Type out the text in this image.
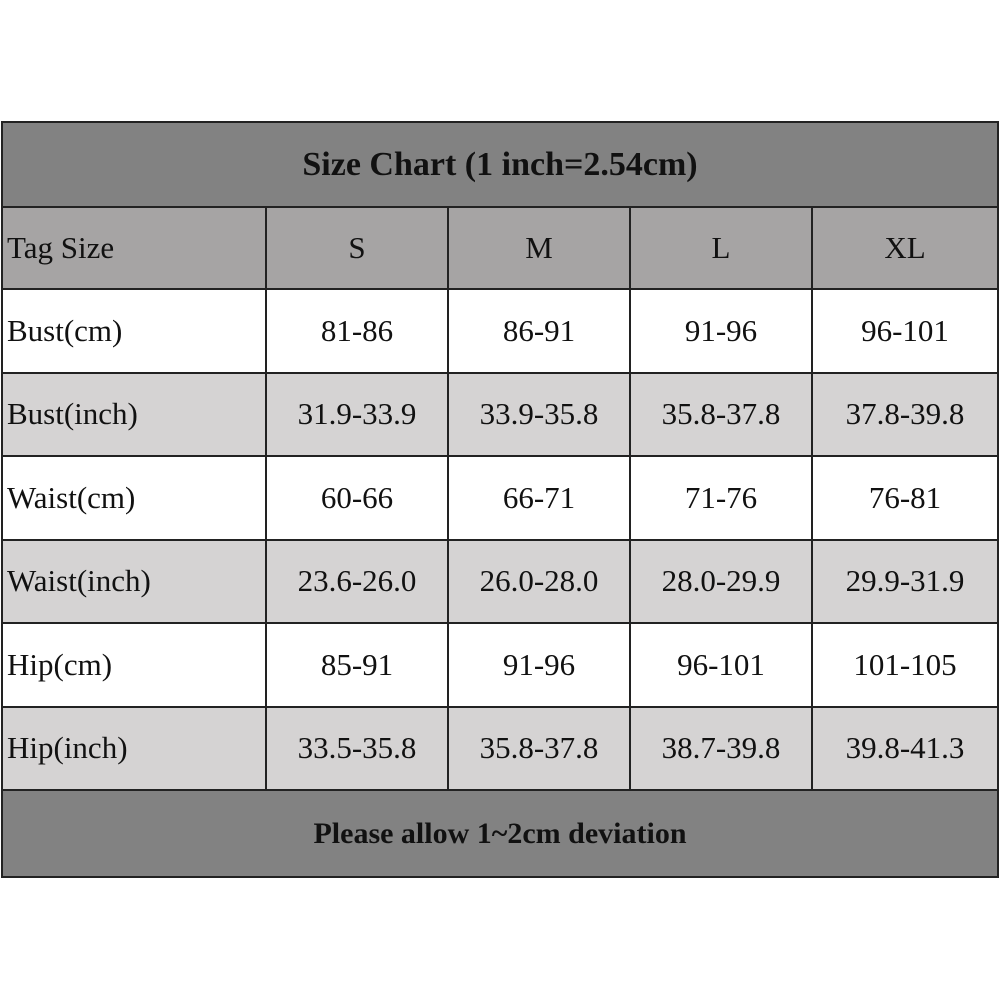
Size Chart (1 inch=2.54cm)
Tag Size	S	M	L	XL
Bust(cm)	81-86	86-91	91-96	96-101
Bust(inch)	31.9-33.9	33.9-35.8	35.8-37.8	37.8-39.8
Waist(cm)	60-66	66-71	71-76	76-81
Waist(inch)	23.6-26.0	26.0-28.0	28.0-29.9	29.9-31.9
Hip(cm)	85-91	91-96	96-101	101-105
Hip(inch)	33.5-35.8	35.8-37.8	38.7-39.8	39.8-41.3
Please allow 1~2cm deviation
